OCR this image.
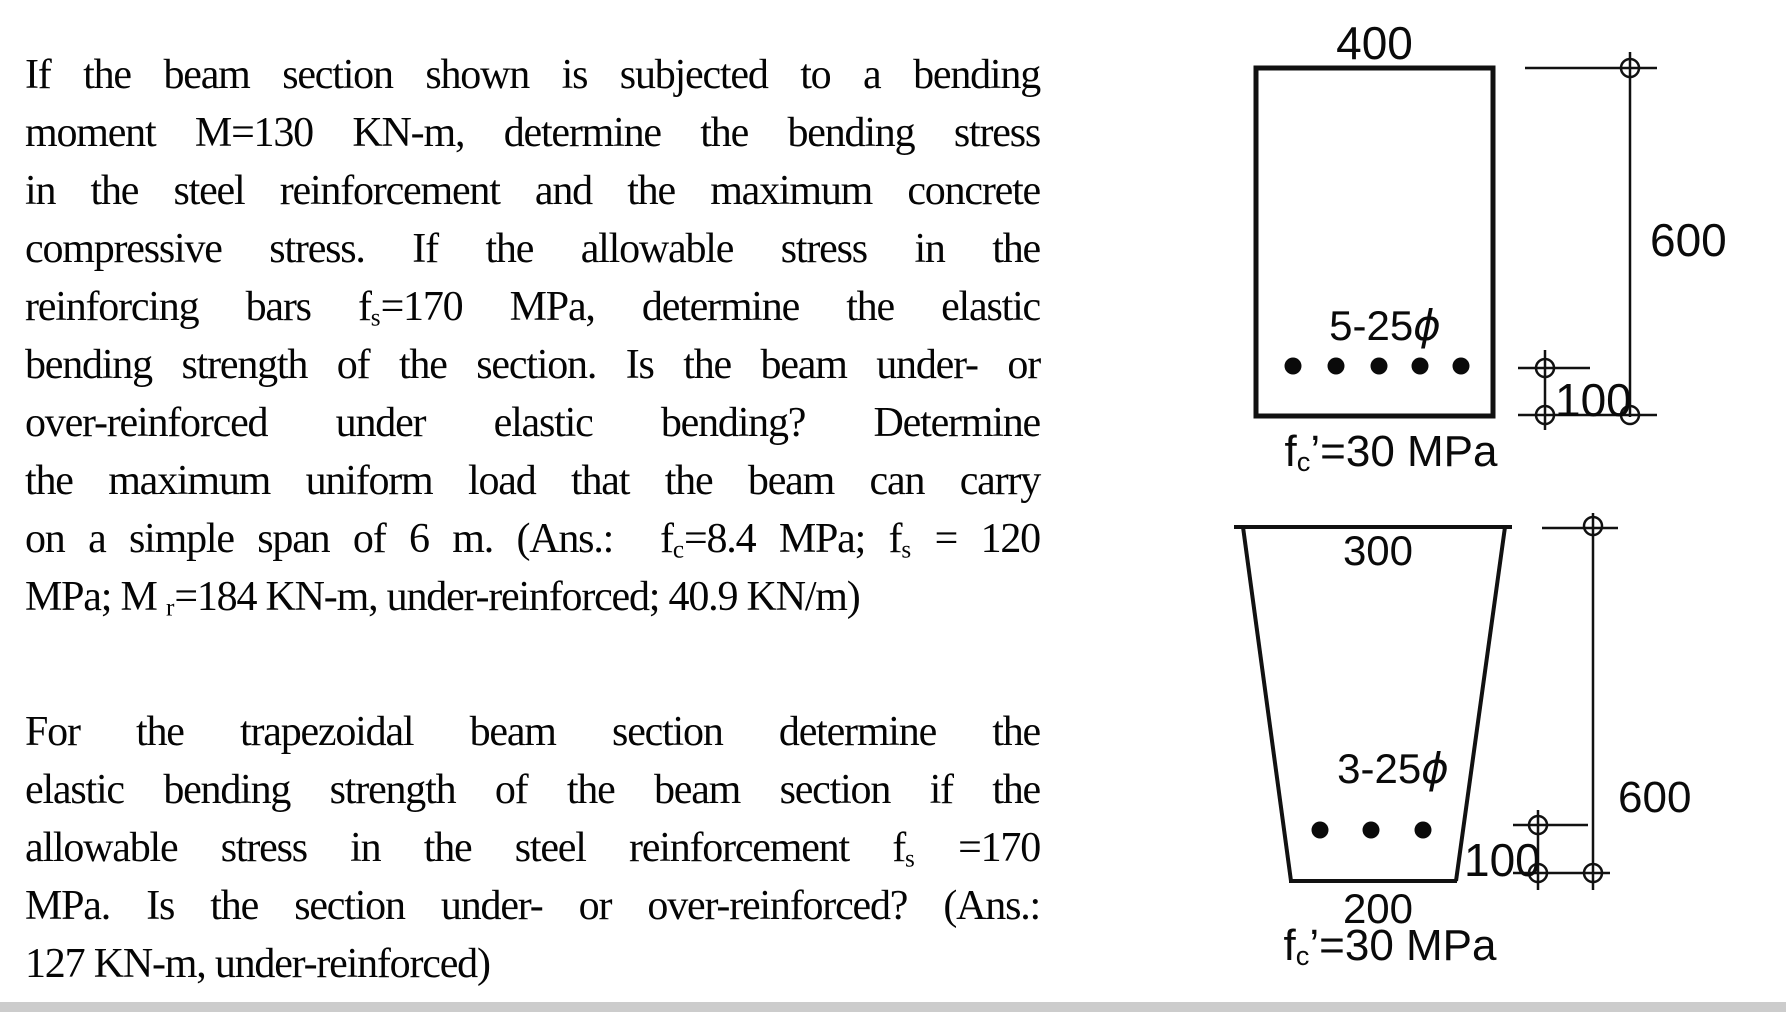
If the beam section shown is subjected to a bending
moment M=130 KN-m, determine the bending stress
in the steel reinforcement and the maximum concrete
compressive stress. If the allowable stress in the
reinforcing bars $f_s=170$ MPa, determine the elastic
bending strength of the section. Is the beam under- or
over-reinforced under elastic bending? Determine
the maximum uniform load that the beam can carry
on a simple span of 6 m. (Ans.:  $f_c=8.4$ MPa; $f_s = 120$
MPa; M $_r$=184 KN-m, under-reinforced; 40.9 KN/m)
For the trapezoidal beam section determine the
elastic bending strength of the beam section if the
allowable stress in the steel reinforcement $f_s =170$
MPa. Is the section under- or over-reinforced? (Ans.:
127 KN-m, under-reinforced)
400
600
100
5-25ϕ
$f_c’=30$ MPa
300
600
100
3-25ϕ
200
$f_c’=30$ MPa
